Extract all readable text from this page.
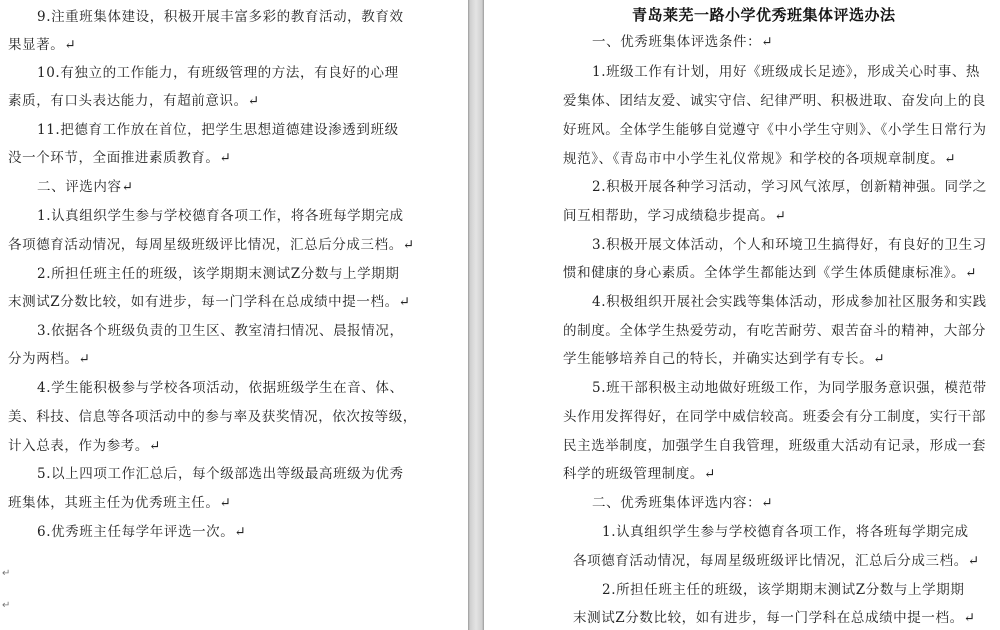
9.注重班集体建设，积极开展丰富多彩的教育活动，教育效
果显著。↵
10.有独立的工作能力，有班级管理的方法，有良好的心理
素质，有口头表达能力，有超前意识。↵
11.把德育工作放在首位，把学生思想道德建设渗透到班级
没一个环节，全面推进素质教育。↵
二、评选内容↵
1.认真组织学生参与学校德育各项工作，将各班每学期完成
各项德育活动情况，每周星级班级评比情况，汇总后分成三档。↵
2.所担任班主任的班级，该学期期末测试Z分数与上学期期
末测试Z分数比较，如有进步，每一门学科在总成绩中提一档。↵
3.依据各个班级负责的卫生区、教室清扫情况、晨报情况，
分为两档。↵
4.学生能积极参与学校各项活动，依据班级学生在音、体、
美、科技、信息等各项活动中的参与率及获奖情况，依次按等级，
计入总表，作为参考。↵
5.以上四项工作汇总后，每个级部选出等级最高班级为优秀
班集体，其班主任为优秀班主任。↵
6.优秀班主任每学年评选一次。↵
↵
↵
青岛莱芜一路小学优秀班集体评选办法
一、优秀班集体评选条件：↵
1.班级工作有计划，用好《班级成长足迹》，形成关心时事、热
爱集体、团结友爱、诚实守信、纪律严明、积极进取、奋发向上的良
好班风。全体学生能够自觉遵守《中小学生守则》、《小学生日常行为
规范》、《青岛市中小学生礼仪常规》和学校的各项规章制度。↵
2.积极开展各种学习活动，学习风气浓厚，创新精神强。同学之
间互相帮助，学习成绩稳步提高。↵
3.积极开展文体活动，个人和环境卫生搞得好，有良好的卫生习
惯和健康的身心素质。全体学生都能达到《学生体质健康标准》。↵
4.积极组织开展社会实践等集体活动，形成参加社区服务和实践
的制度。全体学生热爱劳动，有吃苦耐劳、艰苦奋斗的精神，大部分
学生能够培养自己的特长，并确实达到学有专长。↵
5.班干部积极主动地做好班级工作，为同学服务意识强，模范带
头作用发挥得好，在同学中威信较高。班委会有分工制度，实行干部
民主选举制度，加强学生自我管理，班级重大活动有记录，形成一套
科学的班级管理制度。↵
二、优秀班集体评选内容：↵
1.认真组织学生参与学校德育各项工作，将各班每学期完成
各项德育活动情况，每周星级班级评比情况，汇总后分成三档。↵
2.所担任班主任的班级，该学期期末测试Z分数与上学期期
末测试Z分数比较，如有进步，每一门学科在总成绩中提一档。↵
